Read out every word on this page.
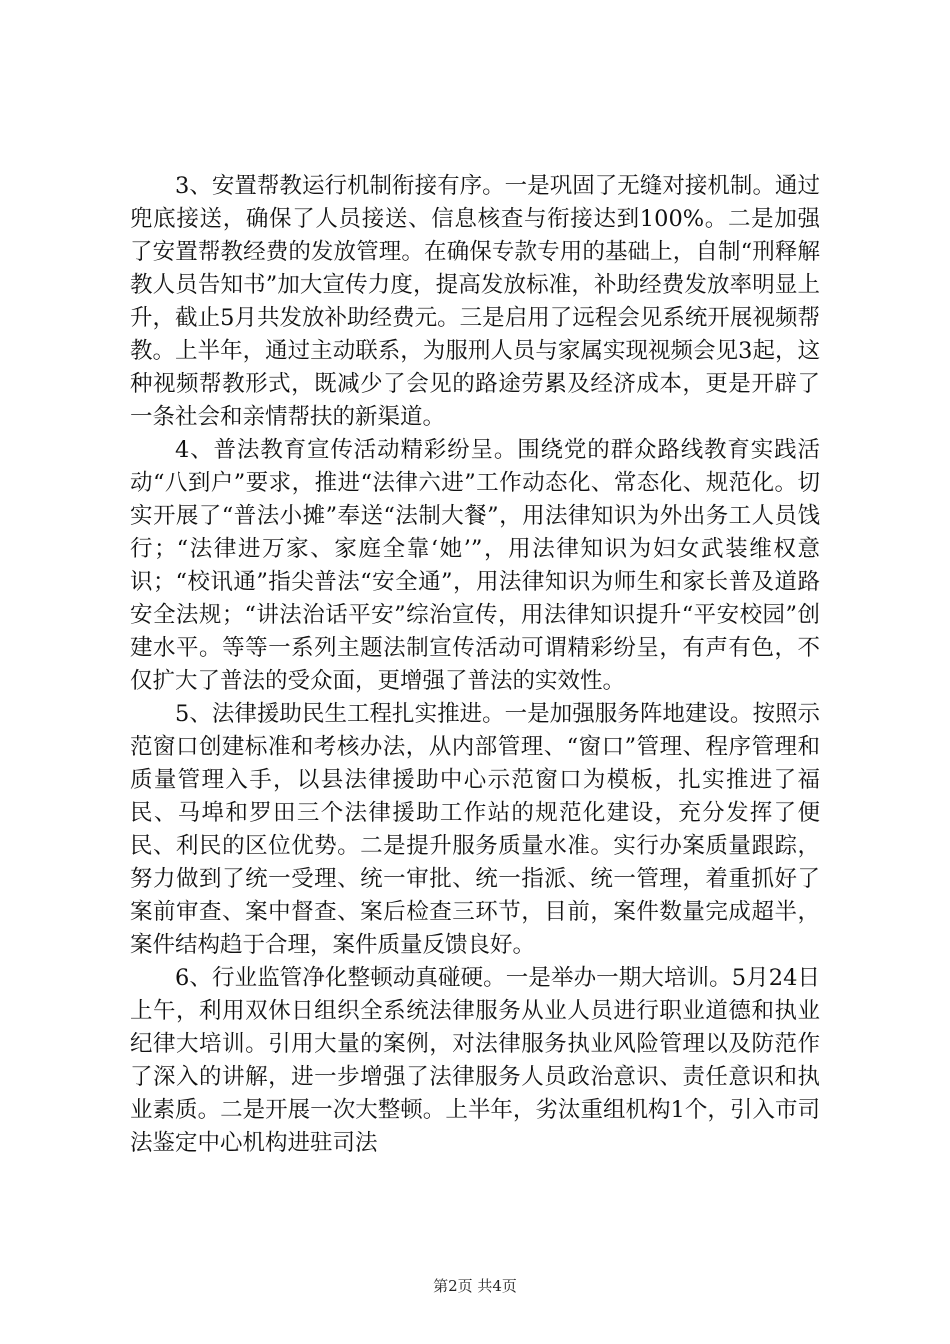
3、安置帮教运行机制衔接有序。一是巩固了无缝对接机制。通过兜底接送，确保了人员接送、信息核查与衔接达到100%。二是加强了安置帮教经费的发放管理。在确保专款专用的基础上，自制“刑释解教人员告知书”加大宣传力度，提高发放标准，补助经费发放率明显上升，截止5月共发放补助经费元。三是启用了远程会见系统开展视频帮教。上半年，通过主动联系，为服刑人员与家属实现视频会见3起，这种视频帮教形式，既减少了会见的路途劳累及经济成本，更是开辟了一条社会和亲情帮扶的新渠道。

4、普法教育宣传活动精彩纷呈。围绕党的群众路线教育实践活动“八到户”要求，推进“法律六进”工作动态化、常态化、规范化。切实开展了“普法小摊”奉送“法制大餐”，用法律知识为外出务工人员饯行；“法律进万家、家庭全靠‘她’”，用法律知识为妇女武装维权意识；“校讯通”指尖普法“安全通”，用法律知识为师生和家长普及道路安全法规；“讲法治话平安”综治宣传，用法律知识提升“平安校园”创建水平。等等一系列主题法制宣传活动可谓精彩纷呈，有声有色，不仅扩大了普法的受众面，更增强了普法的实效性。

5、法律援助民生工程扎实推进。一是加强服务阵地建设。按照示范窗口创建标准和考核办法，从内部管理、“窗口”管理、程序管理和质量管理入手，以县法律援助中心示范窗口为模板，扎实推进了福民、马埠和罗田三个法律援助工作站的规范化建设，充分发挥了便民、利民的区位优势。二是提升服务质量水准。实行办案质量跟踪，努力做到了统一受理、统一审批、统一指派、统一管理，着重抓好了案前审查、案中督查、案后检查三环节，目前，案件数量完成超半，案件结构趋于合理，案件质量反馈良好。

6、行业监管净化整顿动真碰硬。一是举办一期大培训。5月24日上午，利用双休日组织全系统法律服务从业人员进行职业道德和执业纪律大培训。引用大量的案例，对法律服务执业风险管理以及防范作了深入的讲解，进一步增强了法律服务人员政治意识、责任意识和执业素质。二是开展一次大整顿。上半年，劣汰重组机构1个，引入市司法鉴定中心机构进驻司法

第2页 共4页
